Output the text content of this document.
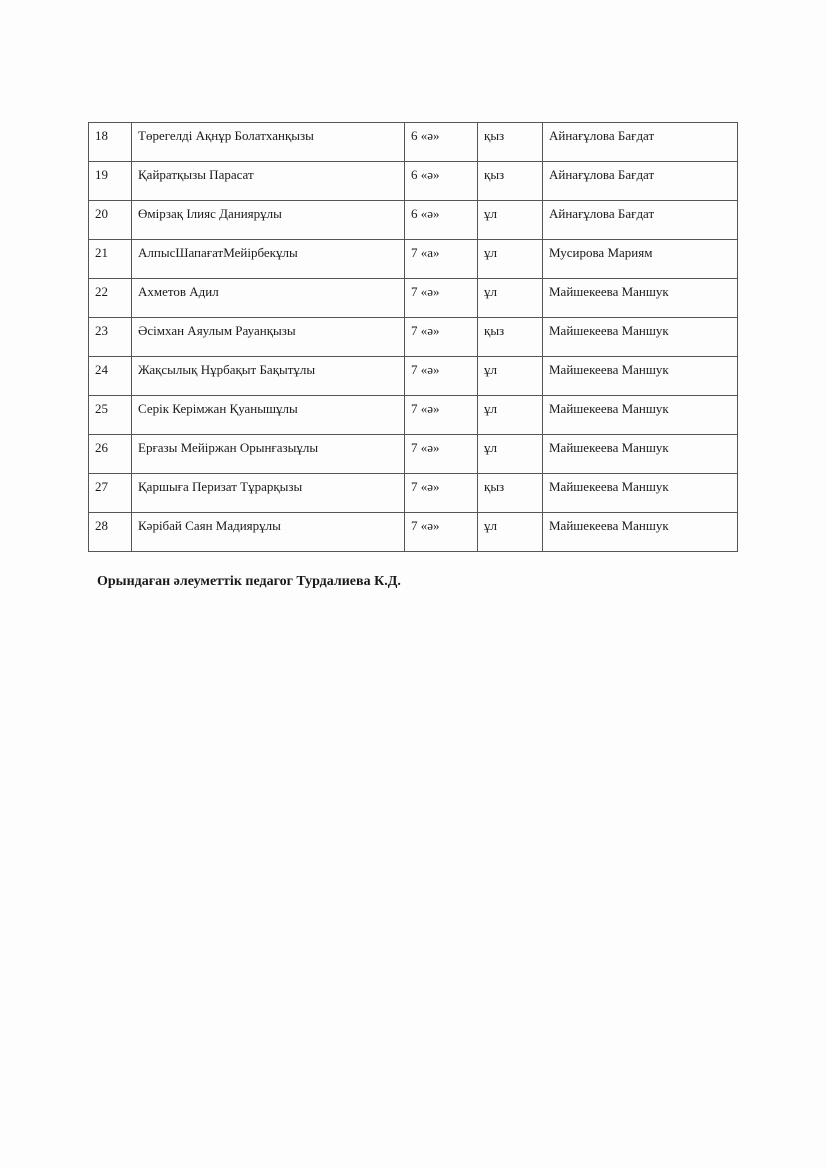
18	Төрегелді Ақнұр Болатханқызы	6 «ә»	қыз	Айнағұлова Бағдат
19	Қайратқызы Парасат	6 «ә»	қыз	Айнағұлова Бағдат
20	Өмірзақ Ілияс Даниярұлы	6 «ә»	ұл	Айнағұлова Бағдат
21	АлпысШапағатМейірбекұлы	7 «а»	ұл	Мусирова Мариям
22	Ахметов Адил	7 «ә»	ұл	Майшекеева Маншук
23	Әсімхан Аяулым Рауанқызы	7 «ә»	қыз	Майшекеева Маншук
24	Жақсылық Нұрбақыт Бақытұлы	7 «ә»	ұл	Майшекеева Маншук
25	Серік Керімжан Қуанышұлы	7 «ә»	ұл	Майшекеева Маншук
26	Ерғазы Мейіржан Орынғазыұлы	7 «ә»	ұл	Майшекеева Маншук
27	Қаршыға Перизат Тұрарқызы	7 «ә»	қыз	Майшекеева Маншук
28	Кәрібай Саян Мадиярұлы	7 «ә»	ұл	Майшекеева Маншук
Орындаған әлеуметтік педагог Турдалиева К.Д.
